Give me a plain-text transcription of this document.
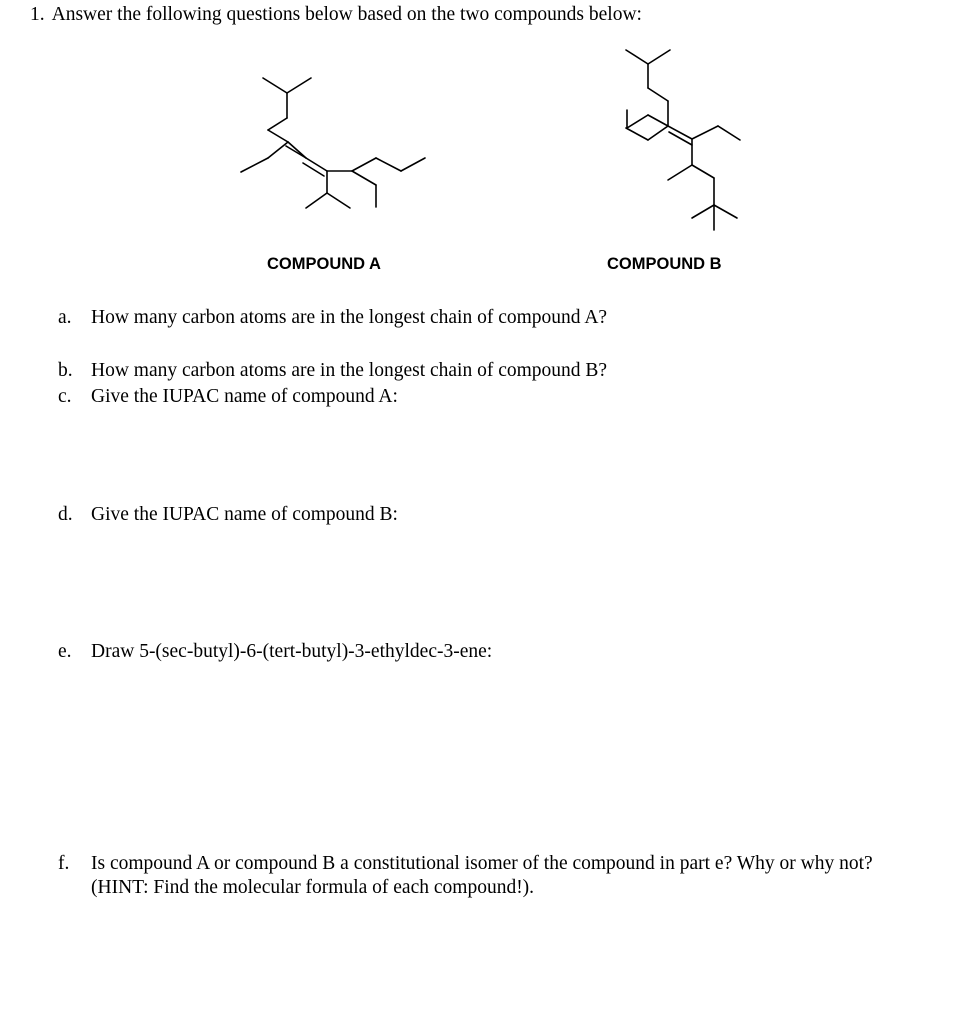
1. Answer the following questions below based on the two compounds below:
COMPOUND A	COMPOUND B
a. How many carbon atoms are in the longest chain of compound A?
b. How many carbon atoms are in the longest chain of compound B?
c. Give the IUPAC name of compound A:
d. Give the IUPAC name of compound B:
e. Draw 5-(sec-butyl)-6-(tert-butyl)-3-ethyldec-3-ene:
f. Is compound A or compound B a constitutional isomer of the compound in part e? Why or why not?
(HINT: Find the molecular formula of each compound!).
